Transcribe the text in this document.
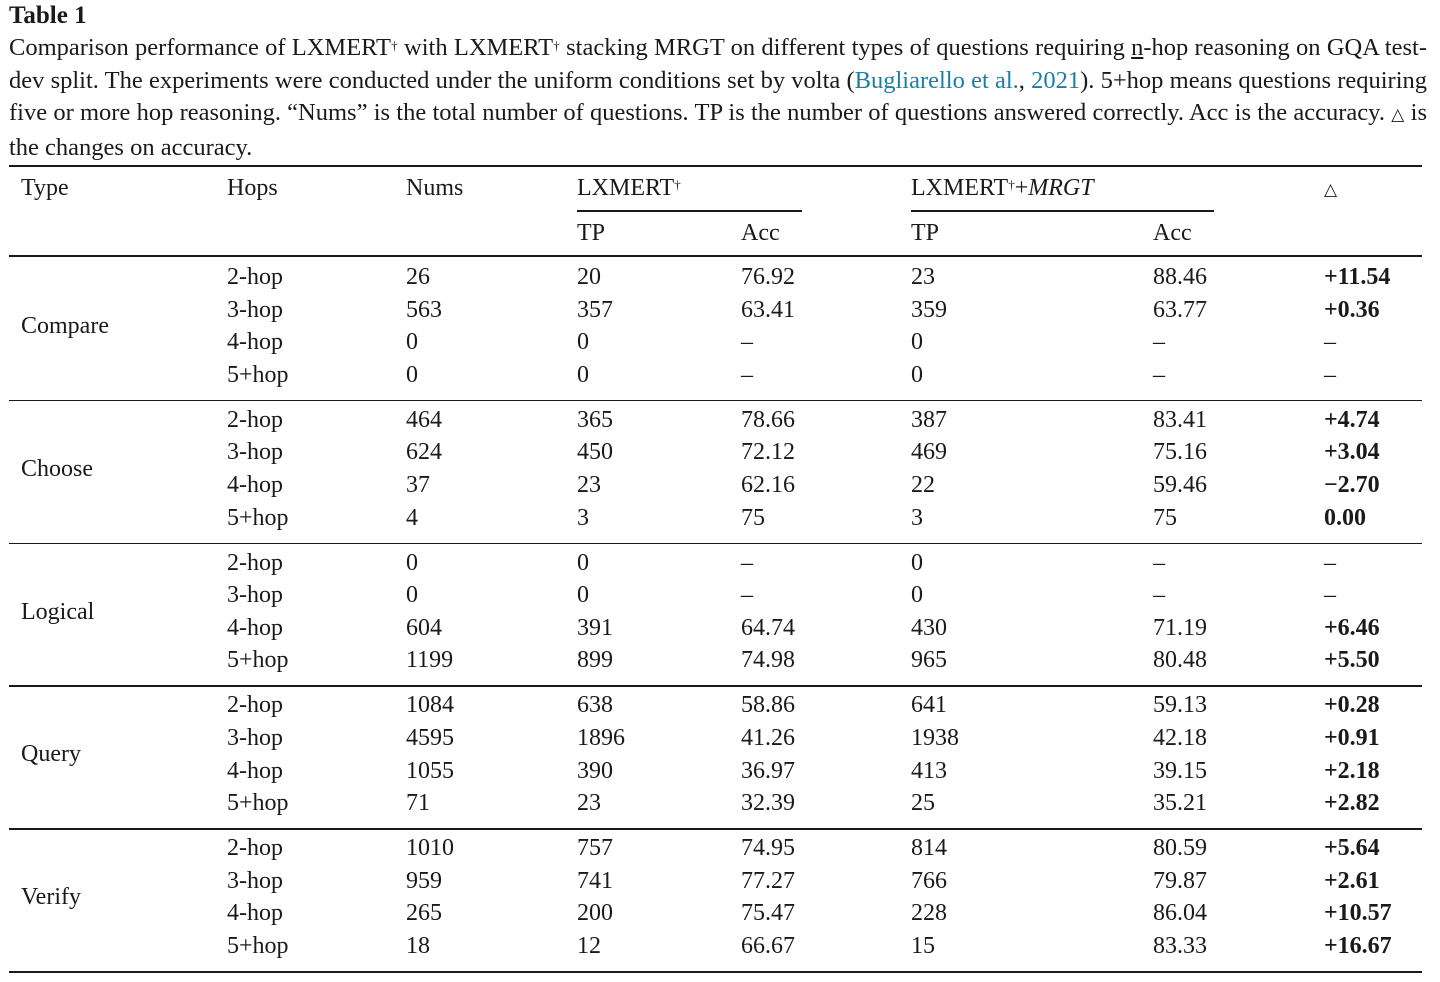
Table 1
Comparison performance of LXMERT† with LXMERT† stacking MRGT on different types of questions requiring n-hop reasoning on GQA test-dev split. The experiments were conducted under the uniform conditions set by volta (Bugliarello et al., 2021). 5+hop means questions requiring five or more hop reasoning. “Nums” is the total number of questions. TP is the number of questions answered correctly. Acc is the accuracy. △ is the changes on accuracy.
Type	Hops	Nums	LXMERT†	LXMERT†+MRGT	△
TP	Acc	TP	Acc
Compare
2-hop	26	20	76.92	23	88.46	+11.54
3-hop	563	357	63.41	359	63.77	+0.36
4-hop	0	0	–	0	–	–
5+hop	0	0	–	0	–	–
Choose
2-hop	464	365	78.66	387	83.41	+4.74
3-hop	624	450	72.12	469	75.16	+3.04
4-hop	37	23	62.16	22	59.46	−2.70
5+hop	4	3	75	3	75	0.00
Logical
2-hop	0	0	–	0	–	–
3-hop	0	0	–	0	–	–
4-hop	604	391	64.74	430	71.19	+6.46
5+hop	1199	899	74.98	965	80.48	+5.50
Query
2-hop	1084	638	58.86	641	59.13	+0.28
3-hop	4595	1896	41.26	1938	42.18	+0.91
4-hop	1055	390	36.97	413	39.15	+2.18
5+hop	71	23	32.39	25	35.21	+2.82
Verify
2-hop	1010	757	74.95	814	80.59	+5.64
3-hop	959	741	77.27	766	79.87	+2.61
4-hop	265	200	75.47	228	86.04	+10.57
5+hop	18	12	66.67	15	83.33	+16.67
